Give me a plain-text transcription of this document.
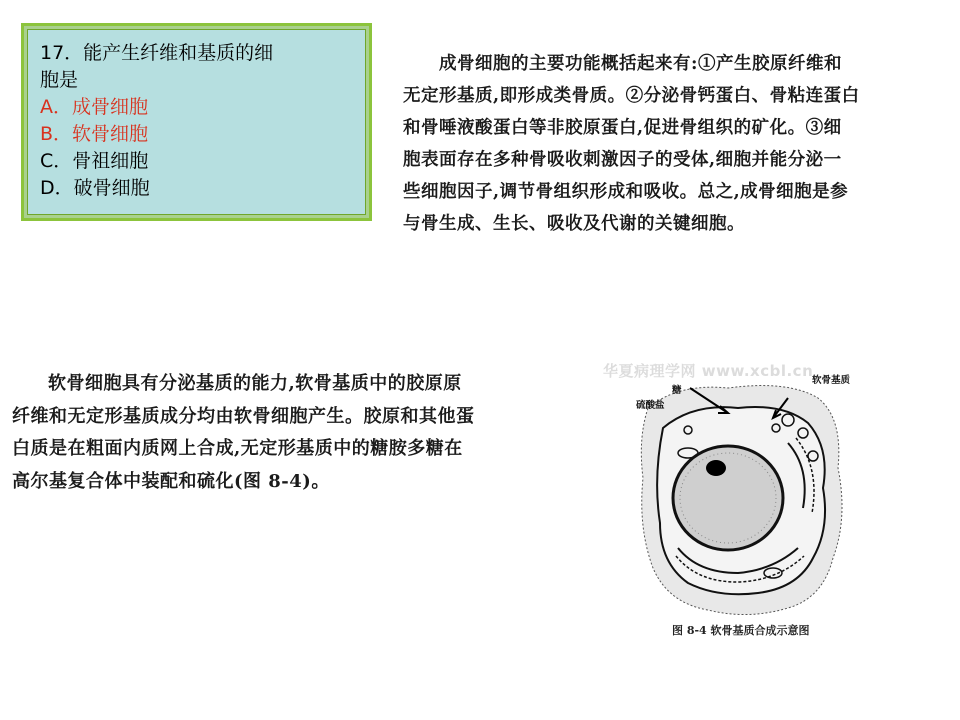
17．能产生纤维和基质的细
胞是
A．成骨细胞
B．软骨细胞
C．骨祖细胞
D．破骨细胞

成骨细胞的主要功能概括起来有:①产生胶原纤维和

无定形基质,即形成类骨质。②分泌骨钙蛋白、骨粘连蛋白

和骨唾液酸蛋白等非胶原蛋白,促进骨组织的矿化。③细

胞表面存在多种骨吸收刺激因子的受体,细胞并能分泌一

些细胞因子,调节骨组织形成和吸收。总之,成骨细胞是参

与骨生成、生长、吸收及代谢的关键细胞。

软骨细胞具有分泌基质的能力,软骨基质中的胶原原

纤维和无定形基质成分均由软骨细胞产生。胶原和其他蛋

白质是在粗面内质网上合成,无定形基质中的糖胺多糖在

高尔基复合体中装配和硫化(图 8-4)。

华夏病理学网 www.xcbl.cn
软骨基质
糖
硫酸盐
图 8-4 软骨基质合成示意图
